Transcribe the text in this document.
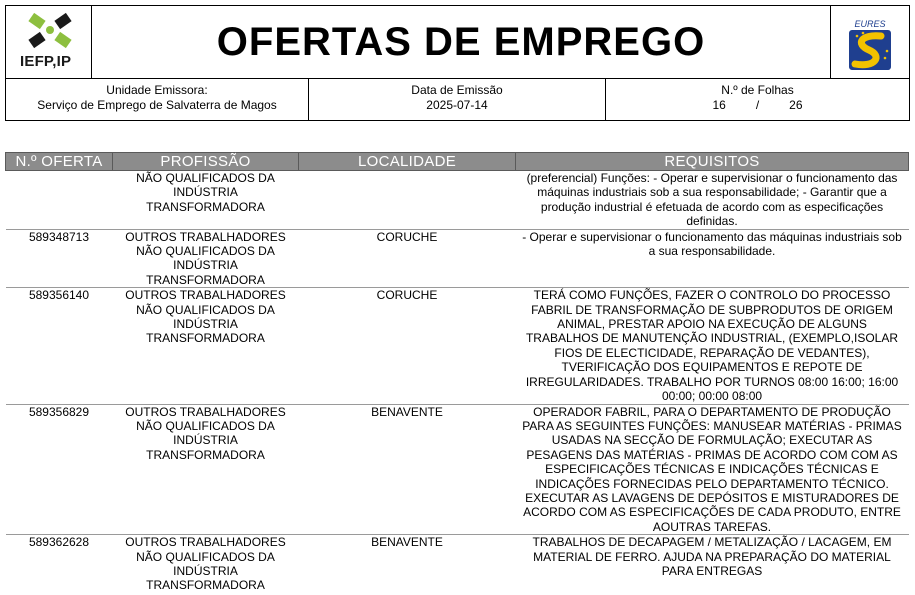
IEFP,IP	OFERTAS DE EMPREGO	EURES
Unidade Emissora:
Serviço de Emprego de Salvaterra de Magos
Data de Emissão
2025-07-14
N.º de Folhas
16	/	26
N.º OFERTA	PROFISSÃO	LOCALIDADE	REQUISITOS
	NÃO QUALIFICADOS DA INDÚSTRIA TRANSFORMADORA		(preferencial) Funções: - Operar e supervisionar o funcionamento das máquinas industriais sob a sua responsabilidade; - Garantir que a produção industrial é efetuada de acordo com as especificações definidas.
589348713	OUTROS TRABALHADORES NÃO QUALIFICADOS DA INDÚSTRIA TRANSFORMADORA	CORUCHE	- Operar e supervisionar o funcionamento das máquinas industriais sob a sua responsabilidade.
589356140	OUTROS TRABALHADORES NÃO QUALIFICADOS DA INDÚSTRIA TRANSFORMADORA	CORUCHE	TERÁ COMO FUNÇÕES, FAZER O CONTROLO DO PROCESSO FABRIL DE TRANSFORMAÇÃO DE SUBPRODUTOS DE ORIGEM ANIMAL, PRESTAR APOIO NA EXECUÇÃO DE ALGUNS TRABALHOS DE MANUTENÇÃO INDUSTRIAL, (EXEMPLO,ISOLAR FIOS DE ELECTICIDADE, REPARAÇÃO DE VEDANTES), TVERIFICAÇÃO DOS EQUIPAMENTOS E REPOTE DE IRREGULARIDADES. TRABALHO POR TURNOS 08:00 16:00; 16:00 00:00; 00:00 08:00
589356829	OUTROS TRABALHADORES NÃO QUALIFICADOS DA INDÚSTRIA TRANSFORMADORA	BENAVENTE	OPERADOR FABRIL, PARA O DEPARTAMENTO DE PRODUÇÃO PARA AS SEGUINTES FUNÇÕES: MANUSEAR MATÉRIAS - PRIMAS USADAS NA SECÇÃO DE FORMULAÇÃO; EXECUTAR AS PESAGENS DAS MATÉRIAS - PRIMAS DE ACORDO COM COM AS ESPECIFICAÇÕES TÉCNICAS E INDICAÇÕES TÉCNICAS E INDICAÇÕES FORNECIDAS PELO DEPARTAMENTO TÉCNICO. EXECUTAR AS LAVAGENS DE DEPÓSITOS E MISTURADORES DE ACORDO COM AS ESPECIFICAÇÕES DE CADA PRODUTO, ENTRE AOUTRAS TAREFAS.
589362628	OUTROS TRABALHADORES NÃO QUALIFICADOS DA INDÚSTRIA TRANSFORMADORA	BENAVENTE	TRABALHOS DE DECAPAGEM / METALIZAÇÃO / LACAGEM, EM MATERIAL DE FERRO. AJUDA NA PREPARAÇÃO DO MATERIAL PARA ENTREGAS
